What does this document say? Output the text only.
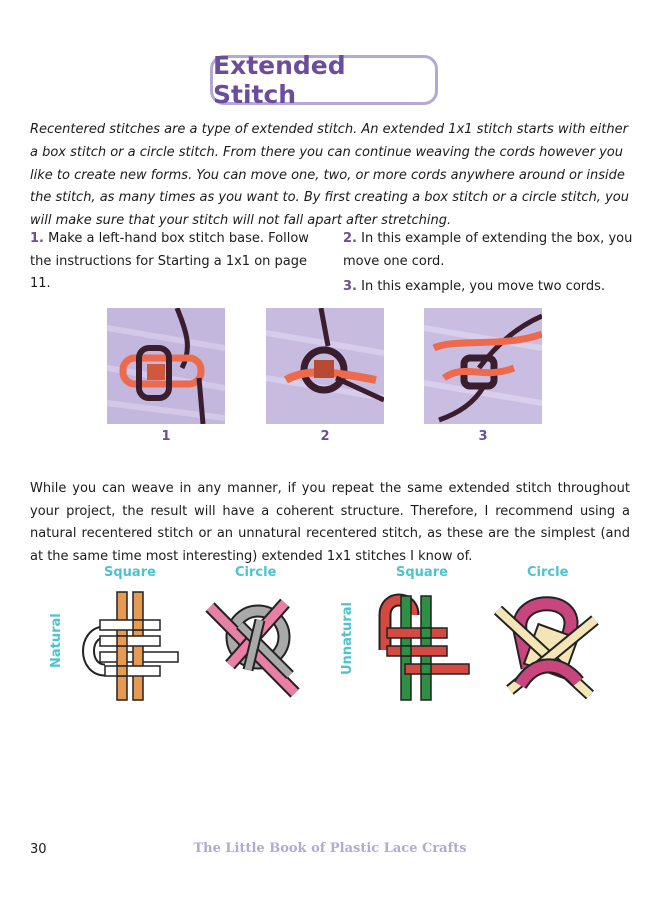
Extended Stitch

Recentered stitches are a type of extended stitch. An extended 1x1 stitch starts with either a box stitch or a circle stitch. From there you can continue weaving the cords however you like to create new forms. You can move one, two, or more cords anywhere around or inside the stitch, as many times as you want to. By first creating a box stitch or a circle stitch, you will make sure that your stitch will not fall apart after stretching.

1. Make a left-hand box stitch base. Follow the instructions for Starting a 1x1 on page 11.

2. In this example of extending the box, you move one cord.

3. In this example, you move two cords.

1	2	3

While you can weave in any manner, if you repeat the same extended stitch throughout your project, the result will have a coherent structure. Therefore, I recommend using a natural recentered stitch or an unnatural recentered stitch, as these are the simplest (and at the same time most interesting) extended 1x1 stitches I know of.

Square	Circle	Square	Circle
Natural	Unnatural
30	The Little Book of Plastic Lace Crafts
